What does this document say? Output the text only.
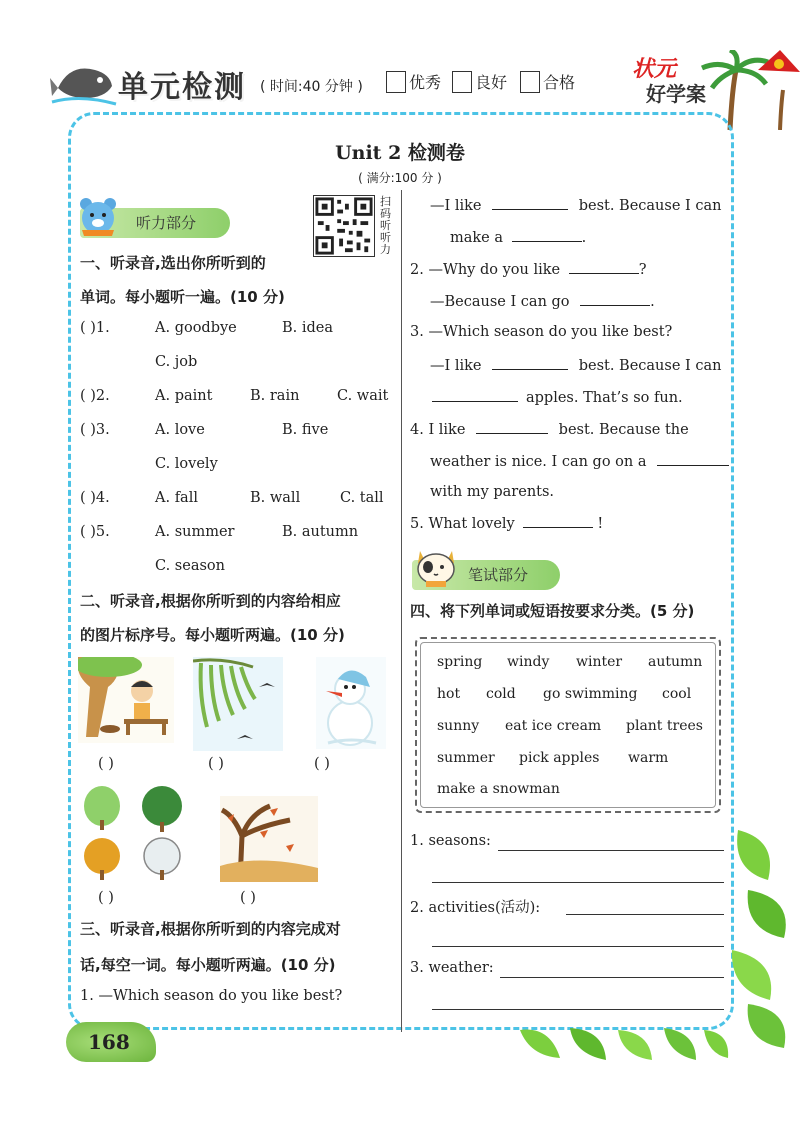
单元检测 ( 时间:40 分钟 )	优秀 良好 合格
状元
好学案
Unit 2 检测卷
( 满分:100 分 )
听力部分
扫码听听力
一、听录音,选出你所听到的
单词。每小题听一遍。(10 分)
( )1.	A. goodbye	B. idea
C. job
( )2.	A. paint	B. rain	C. wait
( )3.	A. love	B. five
C. lovely
( )4.	A. fall	B. wall	C. tall
( )5.	A. summer	B. autumn
C. season
二、听录音,根据你所听到的内容给相应
的图片标序号。每小题听两遍。(10 分)
( )	( )	( )
( )	( )
三、听录音,根据你所听到的内容完成对
话,每空一词。每小题听两遍。(10 分)
1. —Which season do you like best?
—I like	best. Because I can
make a	.
2. —Why do you like	?
—Because I can go	.
3. —Which season do you like best?
—I like	best. Because I can
apples. That’s so fun.
4. I like	best. Because the
weather is nice. I can go on a
with my parents.
5. What lovely	!
笔试部分
四、将下列单词或短语按要求分类。(5 分)
spring windy winter autumn
hot cold go swimming cool
sunny eat ice cream plant trees
summer pick apples warm
make a snowman
1. seasons:
2. activities(活动):
3. weather:
168
